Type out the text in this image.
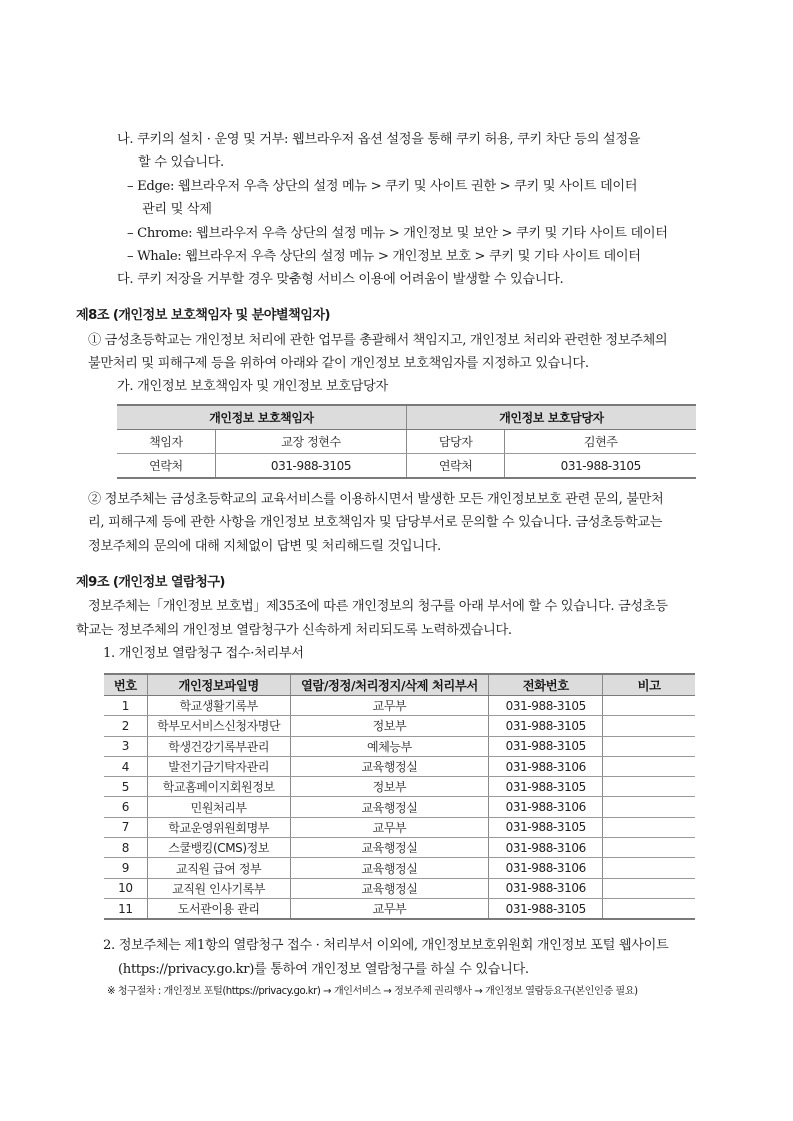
나. 쿠키의 설치 · 운영 및 거부: 웹브라우저 옵션 설정을 통해 쿠키 허용, 쿠키 차단 등의 설정을
할 수 있습니다.
– Edge: 웹브라우저 우측 상단의 설정 메뉴 > 쿠키 및 사이트 권한 > 쿠키 및 사이트 데이터
관리 및 삭제
– Chrome: 웹브라우저 우측 상단의 설정 메뉴 > 개인정보 및 보안 > 쿠키 및 기타 사이트 데이터
– Whale: 웹브라우저 우측 상단의 설정 메뉴 > 개인정보 보호 > 쿠키 및 기타 사이트 데이터
다. 쿠키 저장을 거부할 경우 맞춤형 서비스 이용에 어려움이 발생할 수 있습니다.
제8조 (개인정보 보호책임자 및 분야별책임자)
① 금성초등학교는 개인정보 처리에 관한 업무를 총괄해서 책임지고, 개인정보 처리와 관련한 정보주체의
불만처리 및 피해구제 등을 위하여 아래와 같이 개인정보 보호책임자를 지정하고 있습니다.
가. 개인정보 보호책임자 및 개인정보 보호담당자
개인정보 보호책임자		개인정보 보호담당자	
책임자	교장 정현수	담당자	김현주
연락처	031-988-3105	연락처	031-988-3105
② 정보주체는 금성초등학교의 교육서비스를 이용하시면서 발생한 모든 개인정보보호 관련 문의, 불만처
리, 피해구제 등에 관한 사항을 개인정보 보호책임자 및 담당부서로 문의할 수 있습니다. 금성초등학교는
정보주체의 문의에 대해 지체없이 답변 및 처리해드릴 것입니다.
제9조 (개인정보 열람청구)
정보주체는「개인정보 보호법」제35조에 따른 개인정보의 청구를 아래 부서에 할 수 있습니다. 금성초등
학교는 정보주체의 개인정보 열람청구가 신속하게 처리되도록 노력하겠습니다.
1. 개인정보 열람청구 접수·처리부서
번호	개인정보파일명	열람/정정/처리정지/삭제 처리부서	전화번호	비고
1	학교생활기록부	교무부	031-988-3105	
2	학부모서비스신청자명단	정보부	031-988-3105	
3	학생건강기록부관리	예체능부	031-988-3105	
4	발전기금기탁자관리	교육행정실	031-988-3106	
5	학교홈페이지회원정보	정보부	031-988-3105	
6	민원처리부	교육행정실	031-988-3106	
7	학교운영위원회명부	교무부	031-988-3105	
8	스쿨뱅킹(CMS)정보	교육행정실	031-988-3106	
9	교직원 급여 정부	교육행정실	031-988-3106	
10	교직원 인사기록부	교육행정실	031-988-3106	
11	도서관이용 관리	교무부	031-988-3105	
2. 정보주체는 제1항의 열람청구 접수 · 처리부서 이외에, 개인정보보호위원회 개인정보 포털 웹사이트
(https://privacy.go.kr)를 통하여 개인정보 열람청구를 하실 수 있습니다.
※ 청구절차 : 개인정보 포털(https://privacy.go.kr) → 개인서비스 → 정보주체 권리행사 → 개인정보 열람등요구(본인인증 필요)
